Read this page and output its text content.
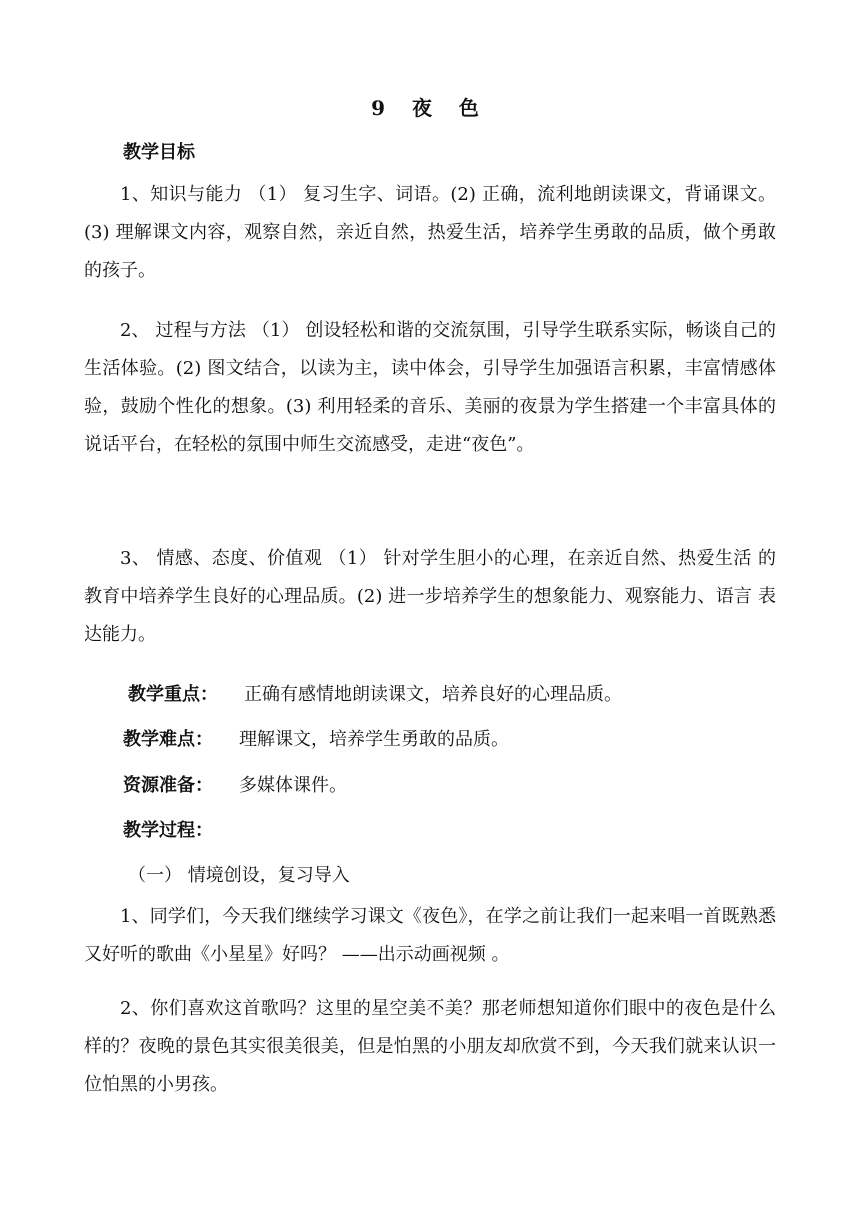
9 夜 色
教学目标

1、知识与能力 （1） 复习生字、词语。(2) 正确，流利地朗读课文，背诵课文。(3) 理解课文内容，观察自然，亲近自然，热爱生活，培养学生勇敢的品质，做个勇敢的孩子。

2、 过程与方法 （1） 创设轻松和谐的交流氛围，引导学生联系实际，畅谈自己的生活体验。(2) 图文结合，以读为主，读中体会，引导学生加强语言积累，丰富情感体验，鼓励个性化的想象。(3) 利用轻柔的音乐、美丽的夜景为学生搭建一个丰富具体的说话平台，在轻松的氛围中师生交流感受，走进“夜色”。

3、 情感、态度、价值观 （1） 针对学生胆小的心理，在亲近自然、热爱生活 的教育中培养学生良好的心理品质。(2) 进一步培养学生的想象能力、观察能力、语言 表达能力。

教学重点： 正确有感情地朗读课文，培养良好的心理品质。
教学难点： 理解课文，培养学生勇敢的品质。
资源准备： 多媒体课件。
教学过程：
（一） 情境创设，复习导入

1、同学们，今天我们继续学习课文《夜色》，在学之前让我们一起来唱一首既熟悉又好听的歌曲《小星星》好吗？ ——出示动画视频 。

2、你们喜欢这首歌吗？这里的星空美不美？那老师想知道你们眼中的夜色是什么样的？夜晚的景色其实很美很美，但是怕黑的小朋友却欣赏不到，今天我们就来认识一位怕黑的小男孩。
